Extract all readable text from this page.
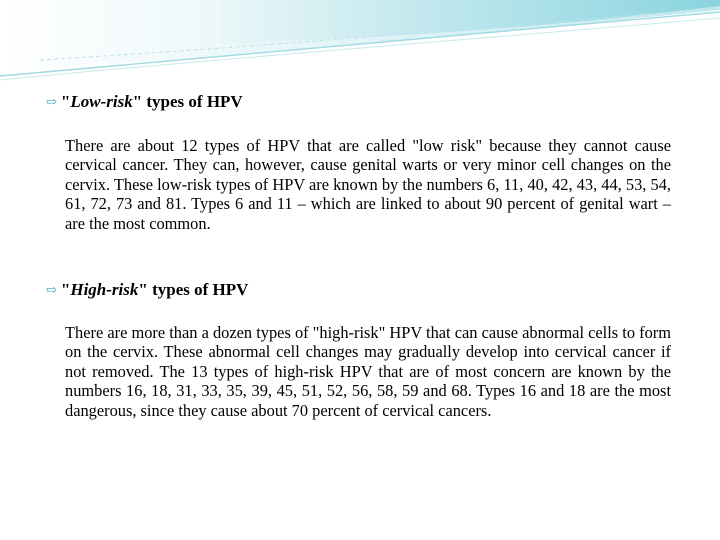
⇨ " Low-risk " types of HPV
There are about 12 types of HPV that are called "low risk" because they cannot cause cervical cancer. They can, however, cause genital warts or very minor cell changes on the cervix. These low-risk types of HPV are known by the numbers 6, 11, 40, 42, 43, 44, 53, 54, 61, 72, 73 and 81. Types 6 and 11 – which are linked to about 90 percent of genital wart – are the most common.
⇨ " High-risk " types of HPV
There are more than a dozen types of "high-risk" HPV that can cause abnormal cells to form on the cervix. These abnormal cell changes may gradually develop into cervical cancer if not removed. The 13 types of high-risk HPV that are of most concern are known by the numbers 16, 18, 31, 33, 35, 39, 45, 51, 52, 56, 58, 59 and 68. Types 16 and 18 are the most dangerous, since they cause about 70 percent of cervical cancers.
